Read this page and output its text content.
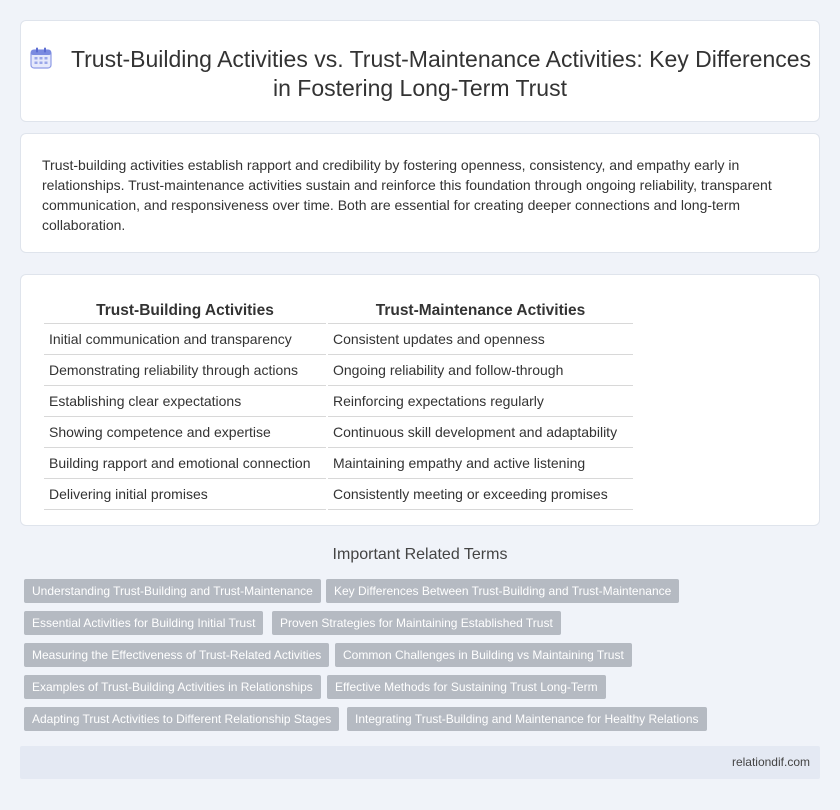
Trust-Building Activities vs. Trust-Maintenance Activities: Key Differences in Fostering Long-Term Trust

Trust-building activities establish rapport and credibility by fostering openness, consistency, and empathy early in relationships. Trust-maintenance activities sustain and reinforce this foundation through ongoing reliability, transparent communication, and responsiveness over time. Both are essential for creating deeper connections and long-term collaboration.

Trust-Building Activities	Trust-Maintenance Activities
Initial communication and transparency	Consistent updates and openness
Demonstrating reliability through actions	Ongoing reliability and follow-through
Establishing clear expectations	Reinforcing expectations regularly
Showing competence and expertise	Continuous skill development and adaptability
Building rapport and emotional connection	Maintaining empathy and active listening
Delivering initial promises	Consistently meeting or exceeding promises
Important Related Terms
Understanding Trust-Building and Trust-Maintenance	Key Differences Between Trust-Building and Trust-Maintenance
Essential Activities for Building Initial Trust	Proven Strategies for Maintaining Established Trust
Measuring the Effectiveness of Trust-Related Activities	Common Challenges in Building vs Maintaining Trust
Examples of Trust-Building Activities in Relationships	Effective Methods for Sustaining Trust Long-Term
Adapting Trust Activities to Different Relationship Stages	Integrating Trust-Building and Maintenance for Healthy Relations
relationdif.com
